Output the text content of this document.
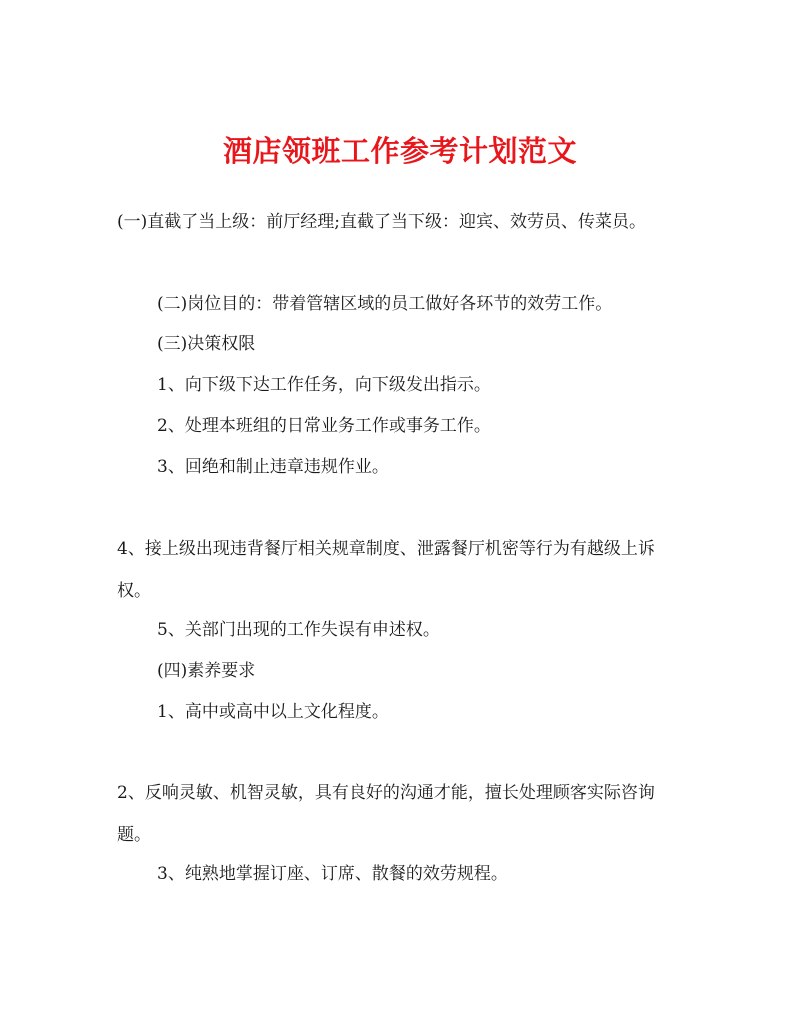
酒店领班工作参考计划范文

(一)直截了当上级：前厅经理;直截了当下级：迎宾、效劳员、传菜员。

(二)岗位目的：带着管辖区域的员工做好各环节的效劳工作。

(三)决策权限

1、向下级下达工作任务，向下级发出指示。

2、处理本班组的日常业务工作或事务工作。

3、回绝和制止违章违规作业。

4、接上级出现违背餐厅相关规章制度、泄露餐厅机密等行为有越级上诉权。

5、关部门出现的工作失误有申述权。

(四)素养要求

1、高中或高中以上文化程度。

2、反响灵敏、机智灵敏，具有良好的沟通才能，擅长处理顾客实际咨询题。

3、纯熟地掌握订座、订席、散餐的效劳规程。
